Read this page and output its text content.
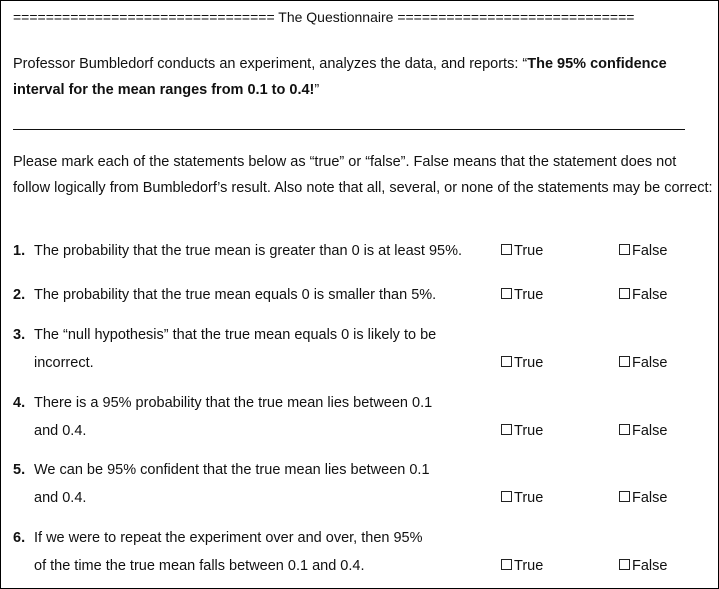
================================ The Questionnaire =============================
Professor Bumbledorf conducts an experiment, analyzes the data, and reports: “The 95% confidence interval for the mean ranges from 0.1 to 0.4!”
Please mark each of the statements below as “true” or “false”. False means that the statement does not follow logically from Bumbledorf’s result. Also note that all, several, or none of the statements may be correct:
1. The probability that the true mean is greater than 0 is at least 95%.	True	False
2. The probability that the true mean equals 0 is smaller than 5%.	True	False
3. The “null hypothesis” that the true mean equals 0 is likely to be
incorrect.	True	False
4. There is a 95% probability that the true mean lies between 0.1
and 0.4.	True	False
5. We can be 95% confident that the true mean lies between 0.1
and 0.4.	True	False
6. If we were to repeat the experiment over and over, then 95%
of the time the true mean falls between 0.1 and 0.4.	True	False
